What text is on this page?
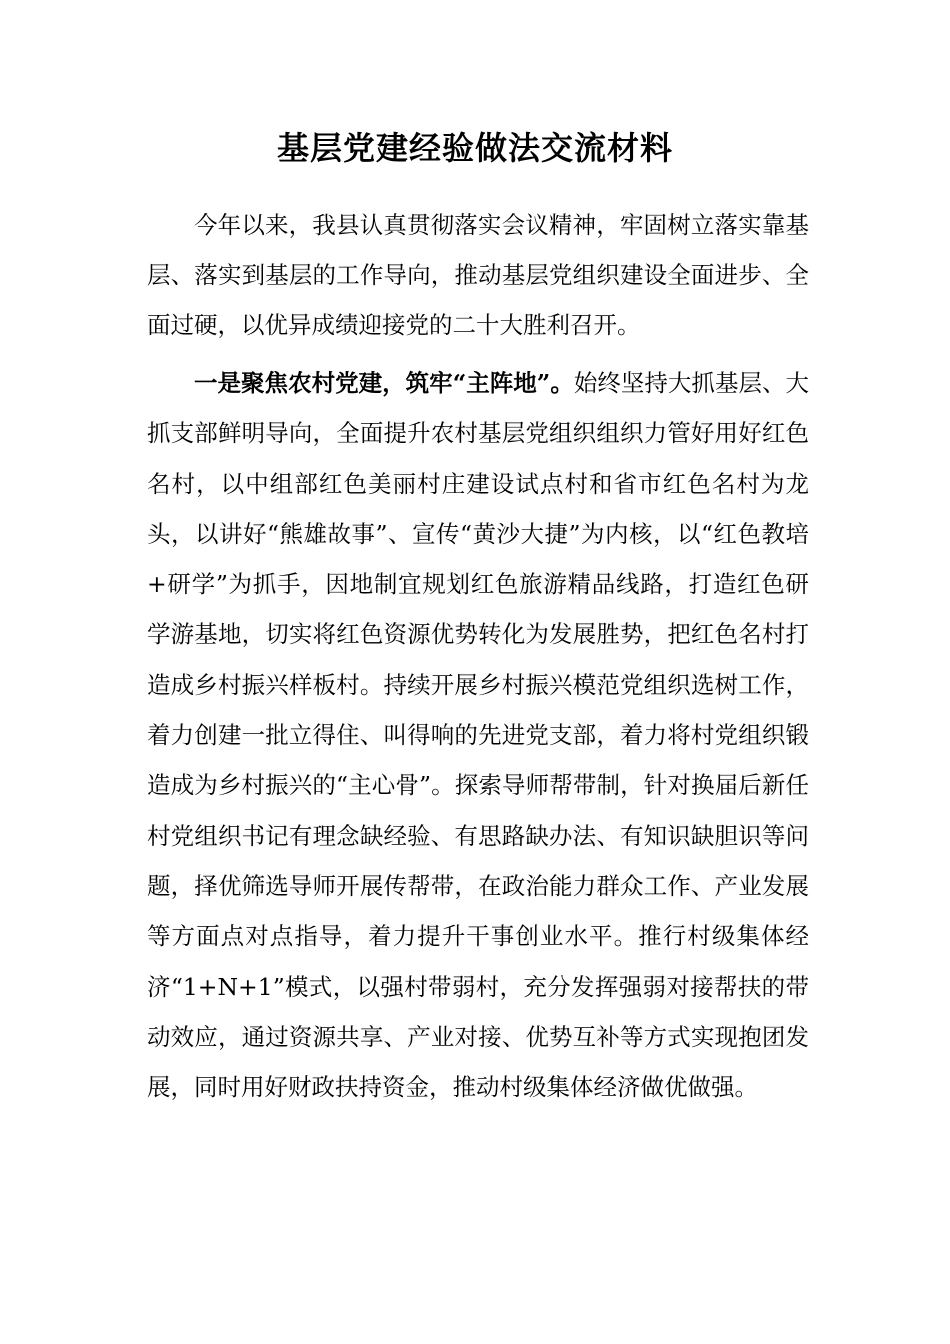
基层党建经验做法交流材料

今年以来，我县认真贯彻落实会议精神，牢固树立落实靠基层、落实到基层的工作导向，推动基层党组织建设全面进步、全面过硬，以优异成绩迎接党的二十大胜利召开。

一是聚焦农村党建，筑牢“主阵地”。始终坚持大抓基层、大抓支部鲜明导向，全面提升农村基层党组织组织力管好用好红色名村，以中组部红色美丽村庄建设试点村和省市红色名村为龙头，以讲好“熊雄故事”、宣传“黄沙大捷”为内核，以“红色教培+研学”为抓手，因地制宜规划红色旅游精品线路，打造红色研学游基地，切实将红色资源优势转化为发展胜势，把红色名村打造成乡村振兴样板村。持续开展乡村振兴模范党组织选树工作，着力创建一批立得住、叫得响的先进党支部，着力将村党组织锻造成为乡村振兴的“主心骨”。探索导师帮带制，针对换届后新任村党组织书记有理念缺经验、有思路缺办法、有知识缺胆识等问题，择优筛选导师开展传帮带，在政治能力群众工作、产业发展等方面点对点指导，着力提升干事创业水平。推行村级集体经济“1+N+1”模式，以强村带弱村，充分发挥强弱对接帮扶的带动效应，通过资源共享、产业对接、优势互补等方式实现抱团发展，同时用好财政扶持资金，推动村级集体经济做优做强。
